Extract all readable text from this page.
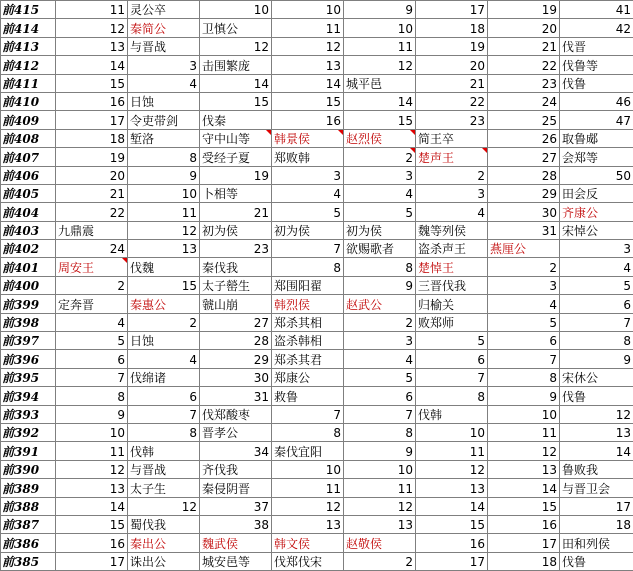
前415	11	灵公卒	10	10	9	17	19	41
前414	12	秦简公	卫慎公	11	10	18	20	42
前413	13	与晋战	12	12	11	19	21	伐晋
前412	14	3	击围繁庞	13	12	20	22	伐鲁等
前411	15	4	14	14	城平邑	21	23	伐鲁
前410	16	日蚀	15	15	14	22	24	46
前409	17	令吏带剑	伐秦	16	15	23	25	47
前408	18	堑洛	守中山等	韩景侯	赵烈侯	简王卒	26	取鲁郕
前407	19	8	受经子夏	郑败韩	2	楚声王	27	会郑等
前406	20	9	19	3	3	2	28	50
前405	21	10	卜相等	4	4	3	29	田会反
前404	22	11	21	5	5	4	30	齐康公
前403	九鼎震	12	初为侯	初为侯	初为侯	魏等列侯	31	宋悼公
前402	24	13	23	7	欲赐歌者	盗杀声王	燕厘公	3
前401	周安王	伐魏	秦伐我	8	8	楚悼王	2	4
前400	2	15	太子罃生	郑围阳翟	9	三晋伐我	3	5
前399	定奔晋	秦惠公	虢山崩	韩烈侯	赵武公	归榆关	4	6
前398	4	2	27	郑杀其相	2	败郑师	5	7
前397	5	日蚀	28	盗杀韩相	3	5	6	8
前396	6	4	29	郑杀其君	4	6	7	9
前395	7	伐绵诸	30	郑康公	5	7	8	宋休公
前394	8	6	31	救鲁	6	8	9	伐鲁
前393	9	7	伐郑酸枣	7	7	伐韩	10	12
前392	10	8	晋孝公	8	8	10	11	13
前391	11	伐韩	34	秦伐宜阳	9	11	12	14
前390	12	与晋战	齐伐我	10	10	12	13	鲁败我
前389	13	太子生	秦侵阴晋	11	11	13	14	与晋卫会
前388	14	12	37	12	12	14	15	17
前387	15	蜀伐我	38	13	13	15	16	18
前386	16	秦出公	魏武侯	韩文侯	赵敬侯	16	17	田和列侯
前385	17	诛出公	城安邑等	伐郑伐宋	2	17	18	伐鲁
